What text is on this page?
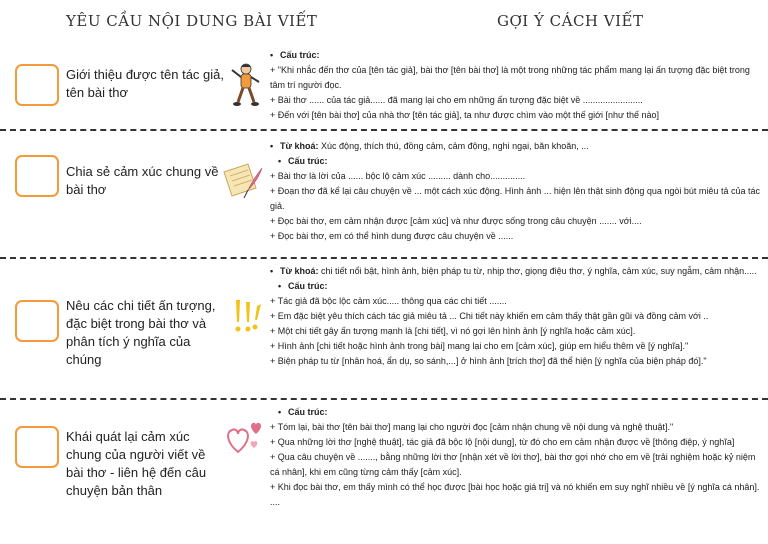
YÊU CẦU NỘI DUNG BÀI VIẾT	GỢI Ý CÁCH VIẾT
Giới thiệu được tên tác giả, tên bài thơ
• Cấu trúc:
+ "Khi nhắc đến thơ của [tên tác giả], bài thơ [tên bài thơ] là một trong những tác phẩm mang lại ấn tượng đặc biệt trong tâm trí người đọc.
+ Bài thơ ...... của tác giả...... đã mang lại cho em những ấn tượng đặc biệt về ........................
+ Đến với [tên bài thơ] của nhà thơ [tên tác giả], ta như được chìm vào một thế giới [như thế nào]
Chia sẻ cảm xúc chung về bài thơ
• Từ khoá: Xúc động, thích thú, đồng cảm, cảm động, nghi ngại, băn khoăn, ...
• Cấu trúc:
+ Bài thơ là lời của ...... bộc lộ cảm xúc ......... dành cho..............
+ Đoạn thơ đã kể lại câu chuyện về ... một cách xúc động. Hình ảnh ... hiện lên thật sinh động qua ngòi bút miêu tả của tác giả.
+ Đọc bài thơ, em cảm nhận được [cảm xúc] và như được sống trong câu chuyện ....... với....
+ Đọc bài thơ, em có thể hình dung được câu chuyện về ......
Nêu các chi tiết ấn tượng, đặc biệt trong bài thơ và phân tích ý nghĩa của chúng
• Từ khoá: chi tiết nổi bật, hình ảnh, biện pháp tu từ, nhịp thơ, giọng điệu thơ, ý nghĩa, cảm xúc, suy ngẫm, cảm nhận.....
• Cấu trúc:
+ Tác giả đã bộc lộc cảm xúc..... thông qua các chi tiết .......
+ Em đặc biệt yêu thích cách tác giả miêu tả ... Chi tiết này khiến em cảm thấy thật gần gũi và đồng cảm với ..
+ Một chi tiết gây ấn tượng mạnh là [chi tiết], vì nó gợi lên hình ảnh [ý nghĩa hoặc cảm xúc].
+ Hình ảnh [chi tiết hoặc hình ảnh trong bài] mang lại cho em [cảm xúc], giúp em hiểu thêm về [ý nghĩa]."
+ Biện pháp tu từ [nhân hoá, ẩn dụ, so sánh,...] ở hình ảnh [trích thơ] đã thể hiện [ý nghĩa của biện pháp đó]."
Khái quát lại cảm xúc chung của người viết về bài thơ - liên hệ đến câu chuyện bản thân
• Cấu trúc:
+ Tóm lại, bài thơ [tên bài thơ] mang lại cho người đọc [cảm nhận chung về nội dung và nghệ thuật]."
+ Qua những lời thơ [nghệ thuật], tác giả đã bộc lộ [nội dung], từ đó cho em cảm nhận được về [thông điệp, ý nghĩa]
+ Qua câu chuyện về ......., bằng những lời thơ [nhận xét về lời thơ], bài thơ gợi nhớ cho em về [trải nghiệm hoặc kỷ niệm cá nhân], khi em cũng từng cảm thấy [cảm xúc].
+ Khi đọc bài thơ, em thấy mình có thể học được [bài học hoặc giá trị] và nó khiến em suy nghĩ nhiều về [ý nghĩa cá nhân].
....
